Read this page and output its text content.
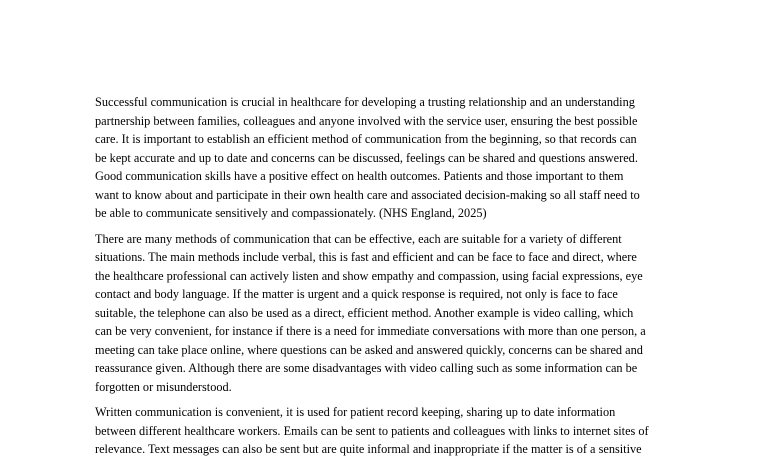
Successful communication is crucial in healthcare for developing a trusting relationship and an understanding
partnership between families, colleagues and anyone involved with the service user, ensuring the best possible
care. It is important to establish an efficient method of communication from the beginning, so that records can
be kept accurate and up to date and concerns can be discussed, feelings can be shared and questions answered.
Good communication skills have a positive effect on health outcomes. Patients and those important to them
want to know about and participate in their own health care and associated decision-making so all staff need to
be able to communicate sensitively and compassionately. (NHS England, 2025)

There are many methods of communication that can be effective, each are suitable for a variety of different
situations. The main methods include verbal, this is fast and efficient and can be face to face and direct, where
the healthcare professional can actively listen and show empathy and compassion, using facial expressions, eye
contact and body language. If the matter is urgent and a quick response is required, not only is face to face
suitable, the telephone can also be used as a direct, efficient method. Another example is video calling, which
can be very convenient, for instance if there is a need for immediate conversations with more than one person, a
meeting can take place online, where questions can be asked and answered quickly, concerns can be shared and
reassurance given. Although there are some disadvantages with video calling such as some information can be
forgotten or misunderstood.

Written communication is convenient, it is used for patient record keeping, sharing up to date information
between different healthcare workers. Emails can be sent to patients and colleagues with links to internet sites of
relevance. Text messages can also be sent but are quite informal and inappropriate if the matter is of a sensitive
